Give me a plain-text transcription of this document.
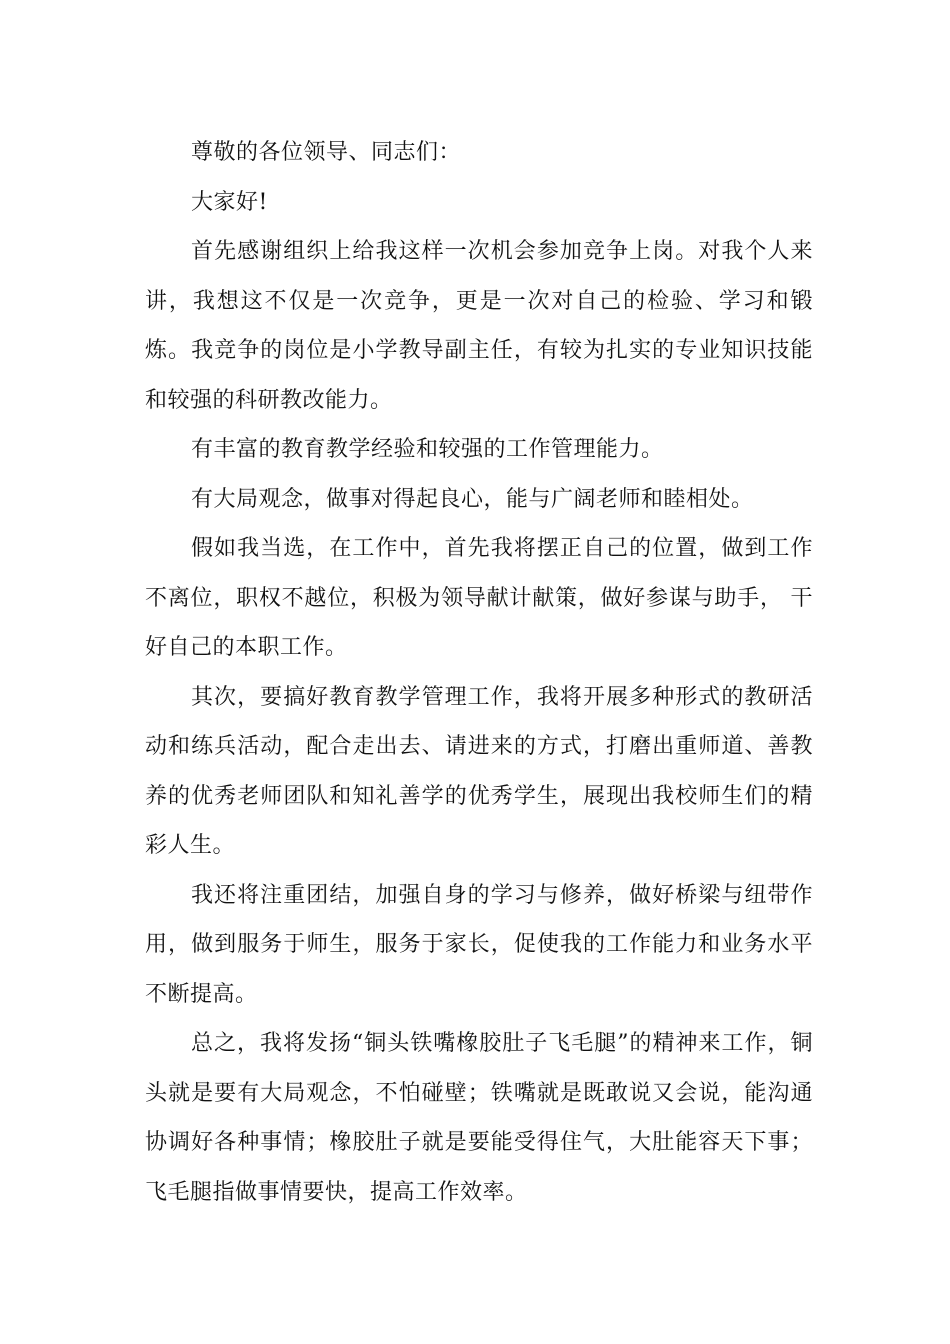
尊敬的各位领导、同志们：

大家好!

首先感谢组织上给我这样一次机会参加竞争上岗。对我个人来讲，我想这不仅是一次竞争，更是一次对自己的检验、学习和锻炼。我竞争的岗位是小学教导副主任，有较为扎实的专业知识技能和较强的科研教改能力。

有丰富的教育教学经验和较强的工作管理能力。

有大局观念，做事对得起良心，能与广阔老师和睦相处。

假如我当选，在工作中，首先我将摆正自己的位置，做到工作不离位，职权不越位，积极为领导献计献策，做好参谋与助手， 干好自己的本职工作。

其次，要搞好教育教学管理工作，我将开展多种形式的教研活动和练兵活动，配合走出去、请进来的方式，打磨出重师道、善教养的优秀老师团队和知礼善学的优秀学生，展现出我校师生们的精彩人生。

我还将注重团结，加强自身的学习与修养，做好桥梁与纽带作用，做到服务于师生，服务于家长，促使我的工作能力和业务水平不断提高。

总之，我将发扬“铜头铁嘴橡胶肚子飞毛腿”的精神来工作，铜头就是要有大局观念，不怕碰壁；铁嘴就是既敢说又会说，能沟通协调好各种事情；橡胶肚子就是要能受得住气，大肚能容天下事；飞毛腿指做事情要快，提高工作效率。
